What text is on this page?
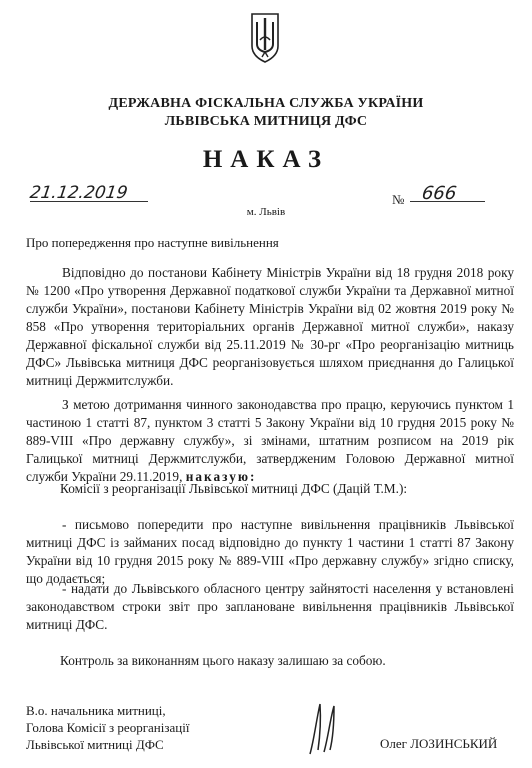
ДЕРЖАВНА ФІСКАЛЬНА СЛУЖБА УКРАЇНИ
ЛЬВІВСЬКА МИТНИЦЯ ДФС
НАКАЗ
21.12.2019	№ 666
м. Львів
Про попередження про наступне вивільнення

Відповідно до постанови Кабінету Міністрів України від 18 грудня 2018 року № 1200 «Про утворення Державної податкової служби України та Державної митної служби України», постанови Кабінету Міністрів України від 02 жовтня 2019 року № 858 «Про утворення територіальних органів Державної митної служби», наказу Державної фіскальної служби від 25.11.2019 № 30-рг «Про реорганізацію митниць ДФС» Львівська митниця ДФС реорганізовується шляхом приєднання до Галицької митниці Держмитслужби.

З метою дотримання чинного законодавства про працю, керуючись пунктом 1 частиною 1 статті 87, пунктом 3 статті 5 Закону України від 10 грудня 2015 року № 889-VIII «Про державну службу», зі змінами, штатним розписом на 2019 рік Галицької митниці Держмитслужби, затвердженим Головою Державної митної служби України 29.11.2019, наказую:

Комісії з реорганізації Львівської митниці ДФС (Дацій Т.М.):

- письмово попередити про наступне вивільнення працівників Львівської митниці ДФС із займаних посад відповідно до пункту 1 частини 1 статті 87 Закону України від 10 грудня 2015 року № 889-VIII «Про державну службу» згідно списку, що додається;

- надати до Львівського обласного центру зайнятості населення у встановлені законодавством строки звіт про заплановане вивільнення працівників Львівської митниці ДФС.

Контроль за виконанням цього наказу залишаю за собою.

В.о. начальника митниці,
Голова Комісії з реорганізації
Львівської митниці ДФС	Олег ЛОЗИНСЬКИЙ
